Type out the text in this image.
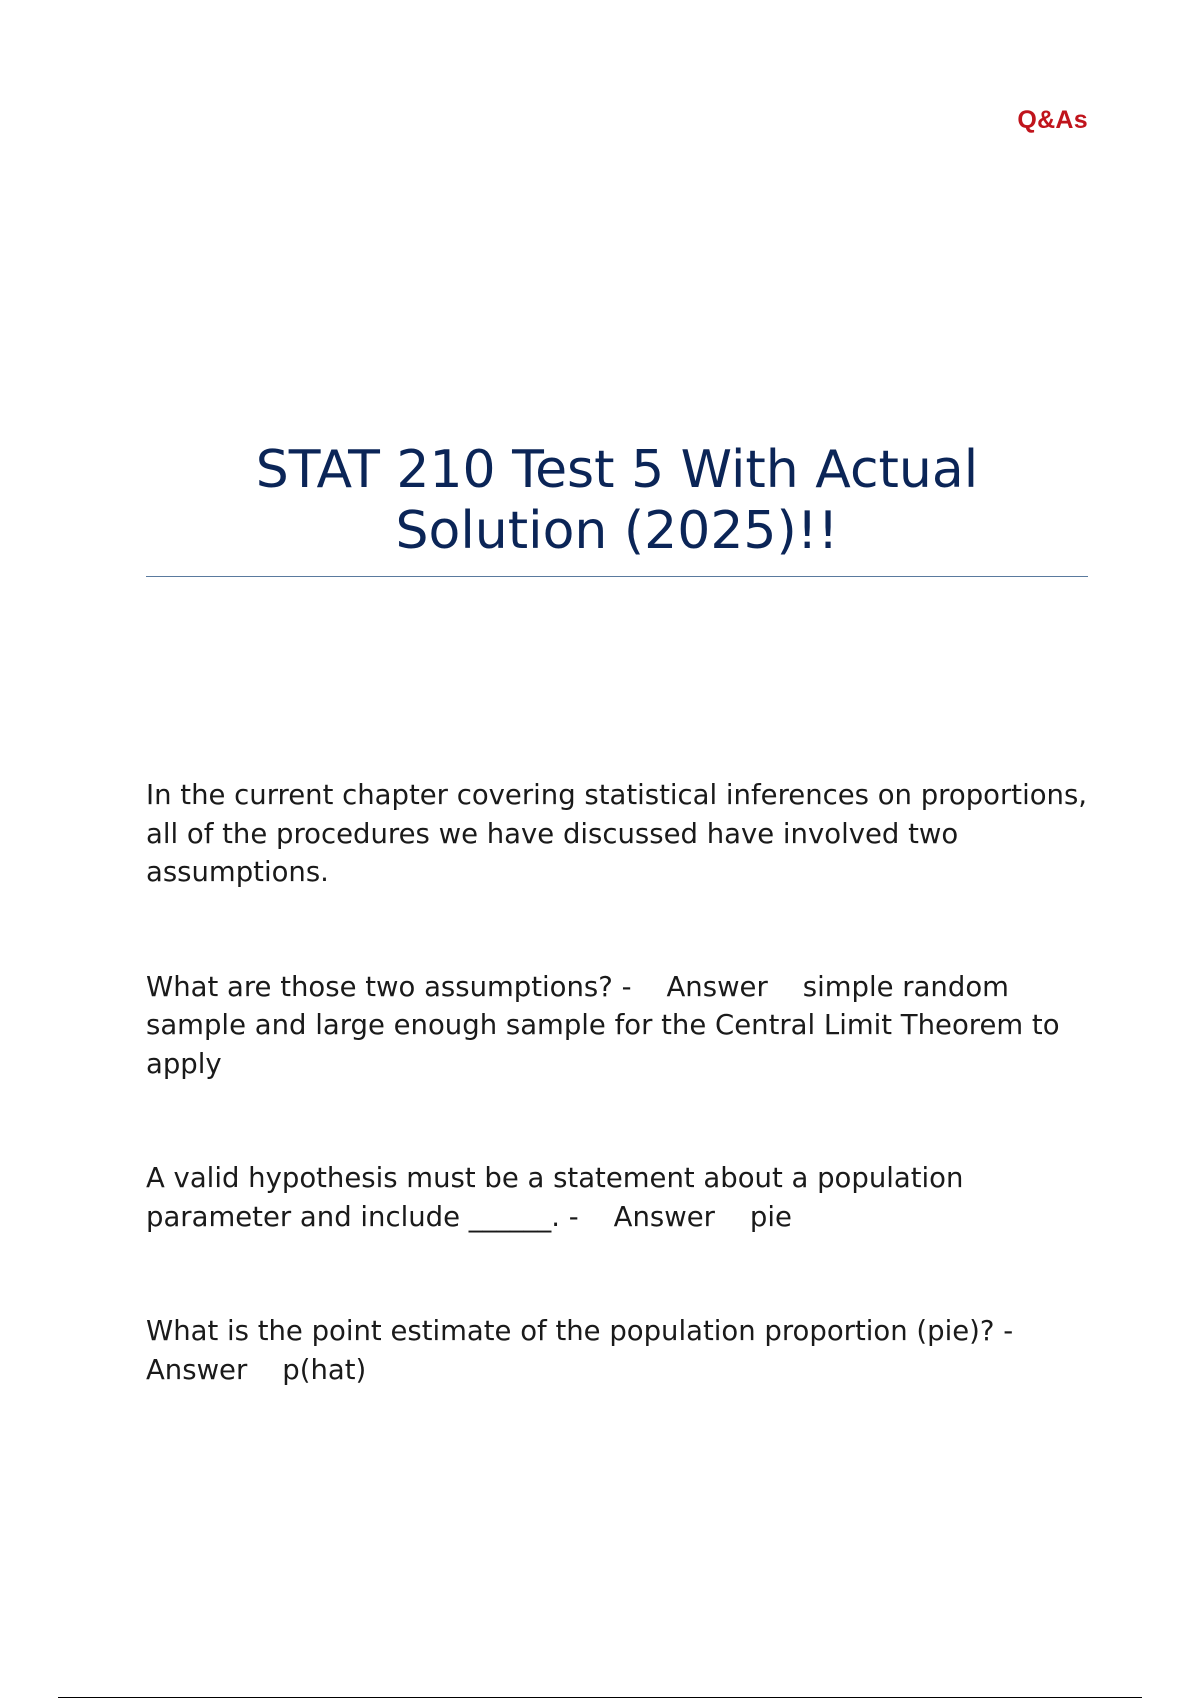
Q&As
STAT 210 Test 5 With Actual Solution (2025)!!
In the current chapter covering statistical inferences on proportions, all of the procedures we have discussed have involved two assumptions.
What are those two assumptions? - Answer simple random sample and large enough sample for the Central Limit Theorem to apply
A valid hypothesis must be a statement about a population parameter and include ______. - Answer pie
What is the point estimate of the population proportion (pie)? - Answer p(hat)
